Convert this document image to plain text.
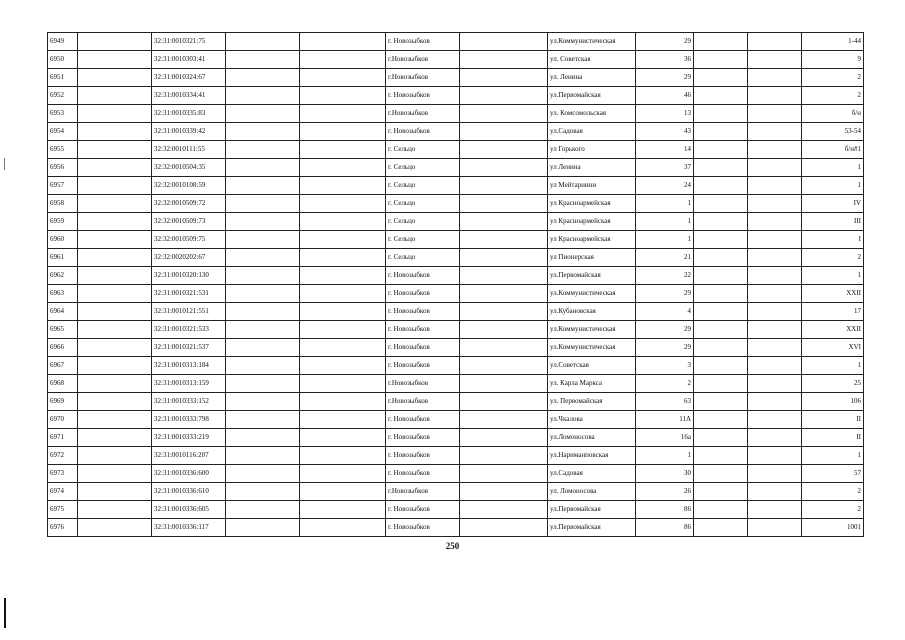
6949		32:31:0010321:75			г. Новозыбков		ул.Коммунистическая	29			1-44
6950		32:31:0010303:41			г.Новозыбков		ул. Советская	36			9
6951		32:31:0010324:67			г.Новозыбков		ул. Ленина	29			2
6952		32:31:0010334:41			г. Новозыбков		ул.Первомайская	46			2
6953		32:31:0010335:83			г.Новозыбков		ул. Комсомольская	13			б/н
6954		32:31:0010339:42			г. Новозыбков		ул.Садовая	43			53-54
6955		32:32:0010111:55			г. Сельцо		ул Горького	14			б/н#1
6956		32:32:0010504:35			г. Сельцо		ул Ленина	37			1
6957		32:32:0010108:59			г. Сельцо		ул Мейтарнини	24			1
6958		32:32:0010509:72			г. Сельцо		ул Красноармейская	1			IV
6959		32:32:0010509:73			г. Сельцо		ул Красноармейская	1			III
6960		32:32:0010509:75			г. Сельцо		ул Красноармейская	1			I
6961		32:32:0020202:67			г. Сельцо		ул Пионерская	21			2
6962		32:31:0010320:130			г. Новозыбков		ул.Первомайская	22			1
6963		32:31:0010321:531			г. Новозыбков		ул.Коммунистическая	29			XXII
6964		32:31:0010121:551			г. Новозыбков		ул.Кубановская	4			17
6965		32:31:0010321:533			г. Новозыбков		ул.Коммунистическая	29			XXII
6966		32:31:0010321:537			г. Новозыбков		ул.Коммунистическая	29			XVI
6967		32:31:0010313:184			г. Новозыбков		ул.Советская	3			1
6968		32:31:0010313:159			г.Новозыбков		ул. Карла Маркса	2			25
6969		32:31:0010333:152			г.Новозыбков		ул. Первомайская	63			106
6970		32:31:0010333:798			г. Новозыбков		ул.Чкалова	11А			II
6971		32:31:0010333:219			г. Новозыбков		ул.Ломоносова	16а			II
6972		32:31:0010116:207			г. Новозыбков		ул.Нариманповская	1			1
6973		32:31:0010336:600			г. Новозыбков		ул.Садовая	30			57
6974		32:31:0010336:610			г.Новозыбков		ул. Ломоносова	26			2
6975		32:31:0010336:605			г. Новозыбков		ул.Первомайская	86			2
6976		32:31:0010336:117			г. Новозыбков		ул.Первомайская	86			1001
250
